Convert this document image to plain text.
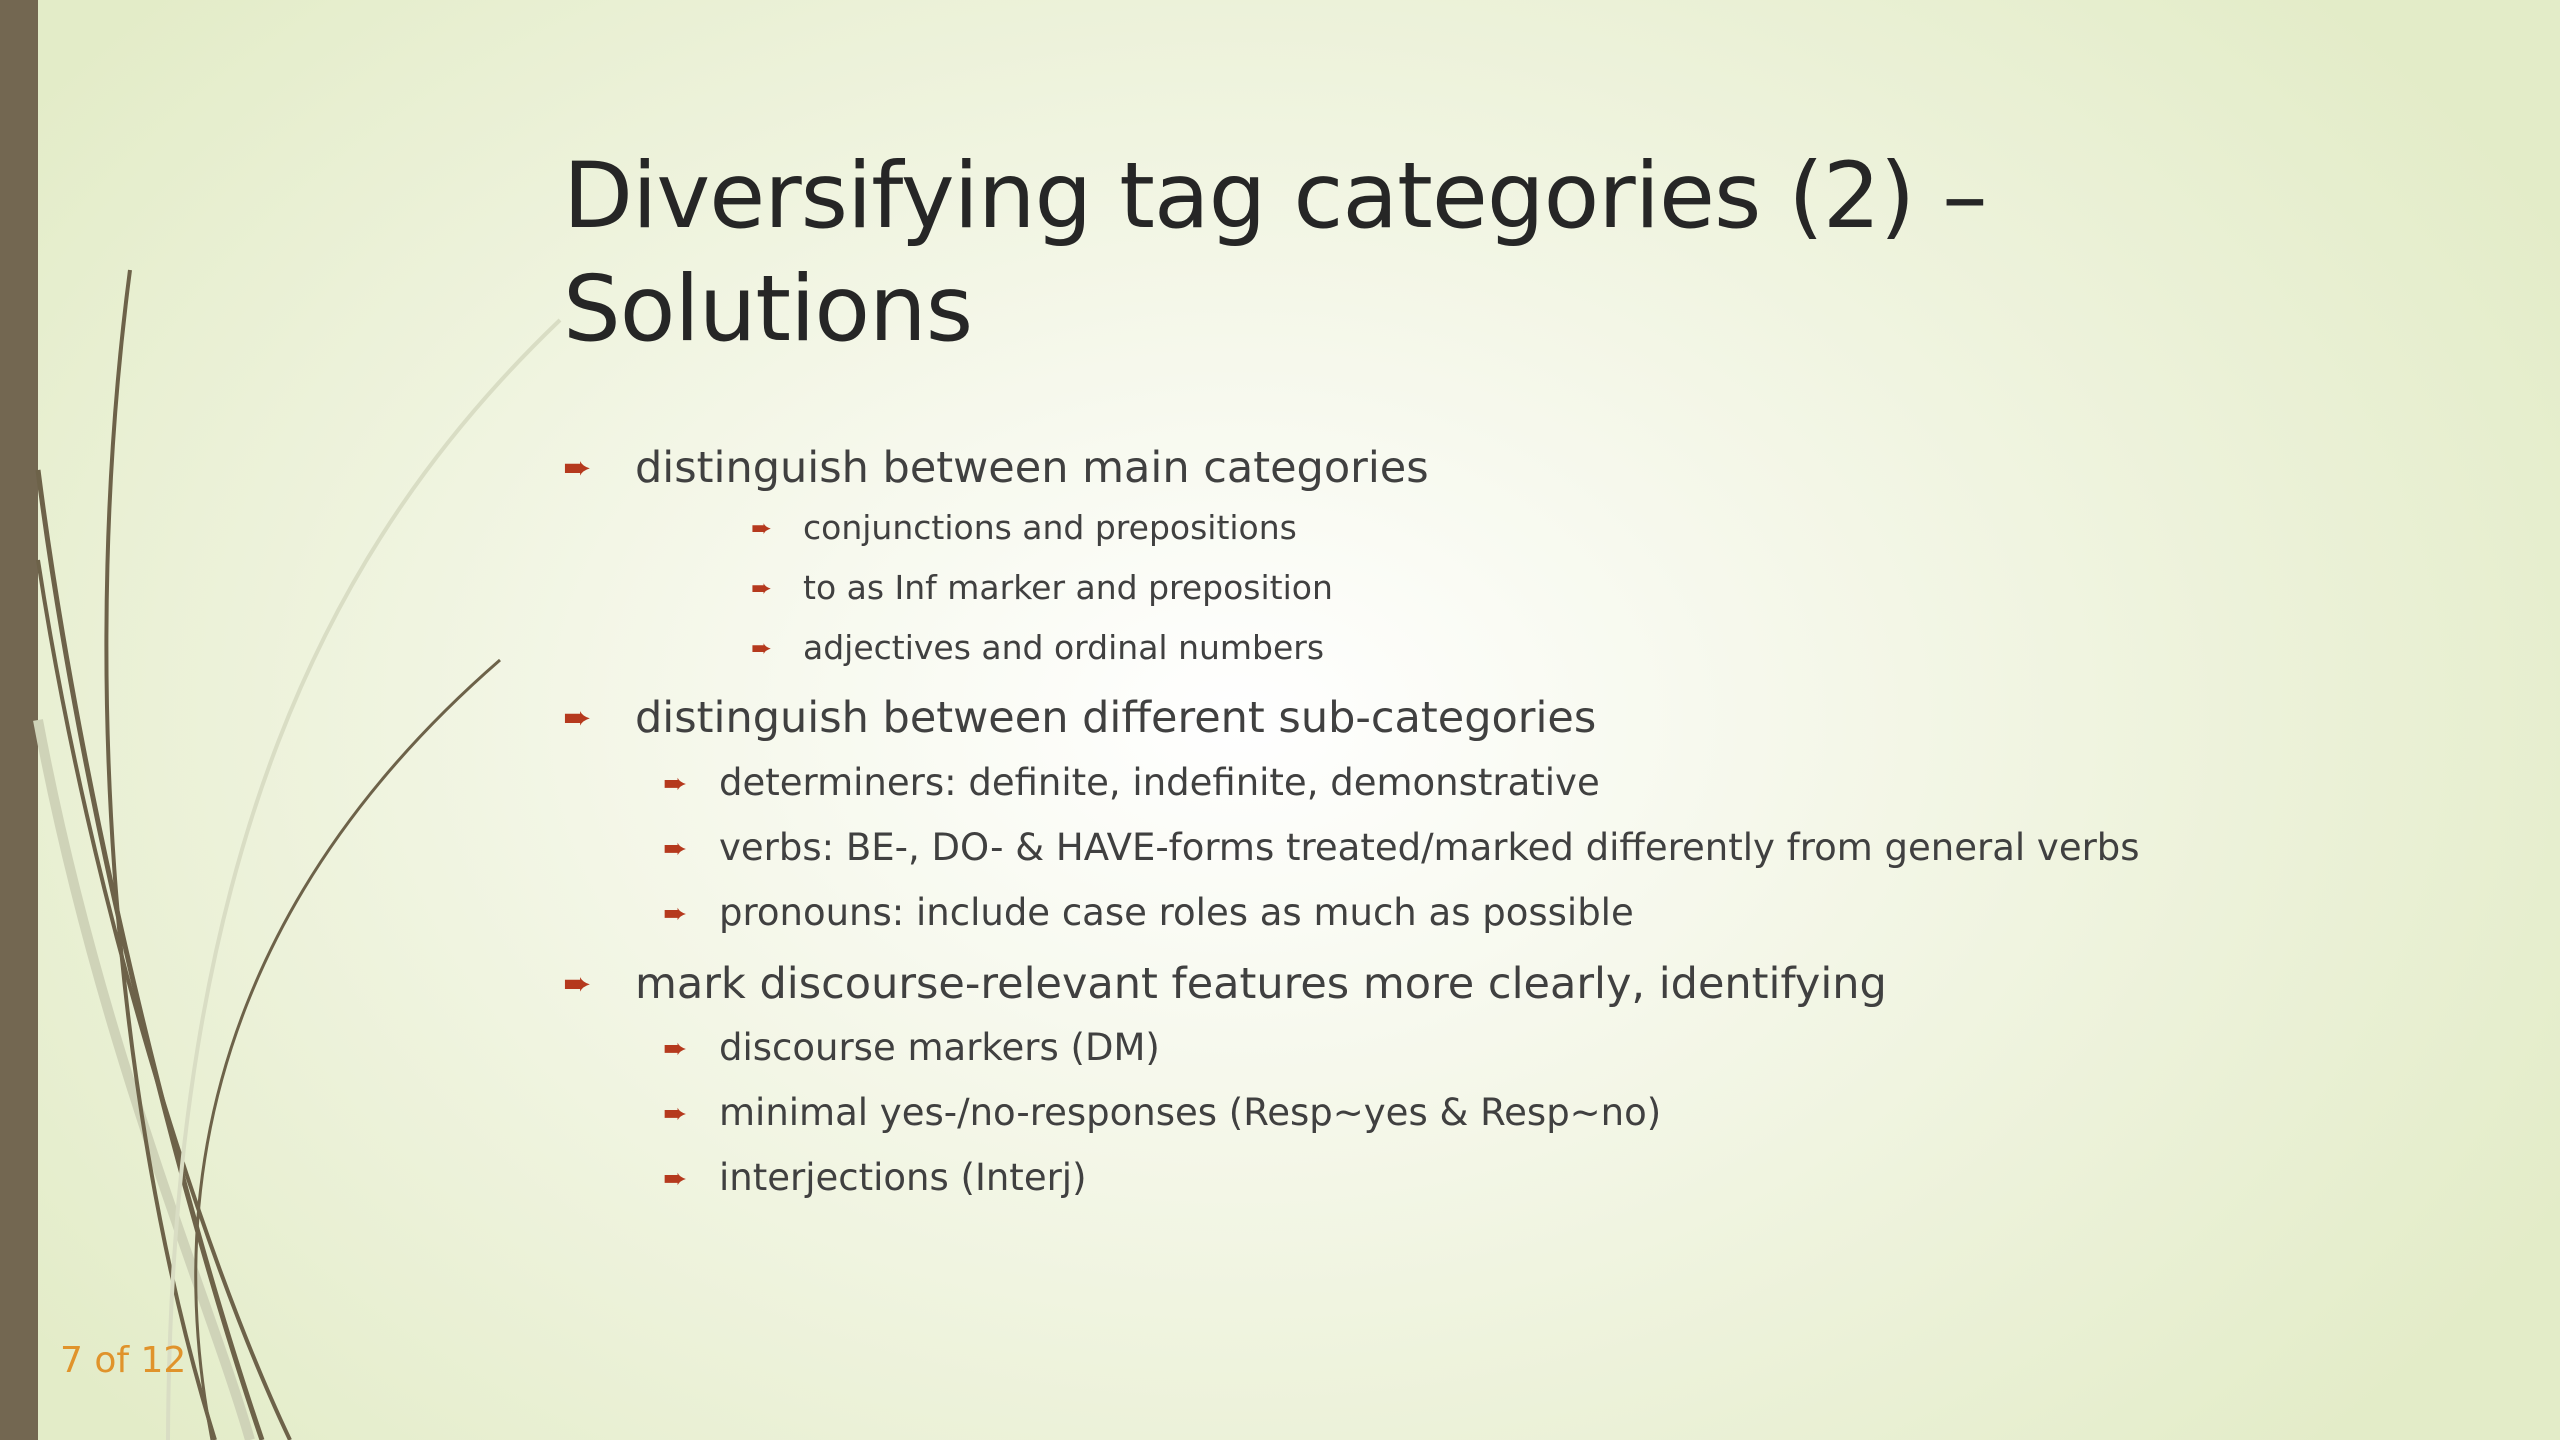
Diversifying tag categories (2) –
Solutions
➨ distinguish between main categories
➨ conjunctions and prepositions
➨ to as Inf marker and preposition
➨ adjectives and ordinal numbers
➨ distinguish between different sub-categories
➨ determiners: definite, indefinite, demonstrative
➨ verbs: BE-, DO- & HAVE-forms treated/marked differently from general verbs
➨ pronouns: include case roles as much as possible
➨ mark discourse-relevant features more clearly, identifying
➨ discourse markers (DM)
➨ minimal yes-/no-responses (Resp~yes & Resp~no)
➨ interjections (Interj)
7 of 12
